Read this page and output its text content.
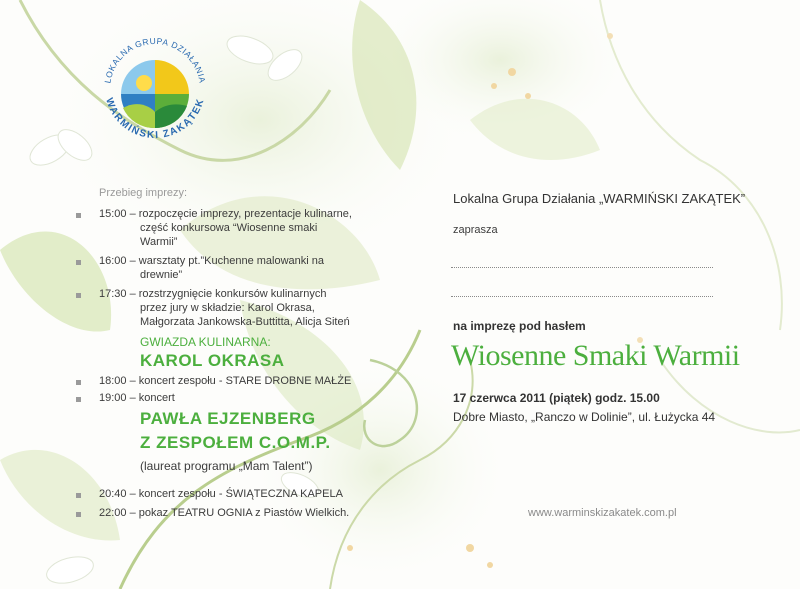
LOKALNA GRUPA DZIAŁANIA
WARMIŃSKI ZAKĄTEK
Przebieg imprezy:
15:00 – rozpoczęcie imprezy, prezentacje kulinarne,
część konkursowa “Wiosenne smaki
Warmii”
16:00 – warsztaty pt.”Kuchenne malowanki na
drewnie”
17:30 – rozstrzygnięcie konkursów kulinarnych
przez jury w składzie: Karol Okrasa,
Małgorzata Jankowska-Buttitta, Alicja Siteń
GWIAZDA KULINARNA:
KAROL OKRASA
18:00 – koncert zespołu - STARE DROBNE MAŁŻE
19:00 – koncert
PAWŁA EJZENBERG
Z ZESPOŁEM C.O.M.P.
(laureat programu „Mam Talent”)
20:40 – koncert zespołu - ŚWIĄTECZNA KAPELA
22:00 – pokaz TEATRU OGNIA z Piastów Wielkich.
Lokalna Grupa Działania „WARMIŃSKI ZAKĄTEK”
zaprasza
na imprezę pod hasłem
Wiosenne Smaki Warmii
17 czerwca 2011 (piątek) godz. 15.00
Dobre Miasto, „Ranczo w Dolinie”, ul. Łużycka 44
www.warminskizakatek.com.pl
